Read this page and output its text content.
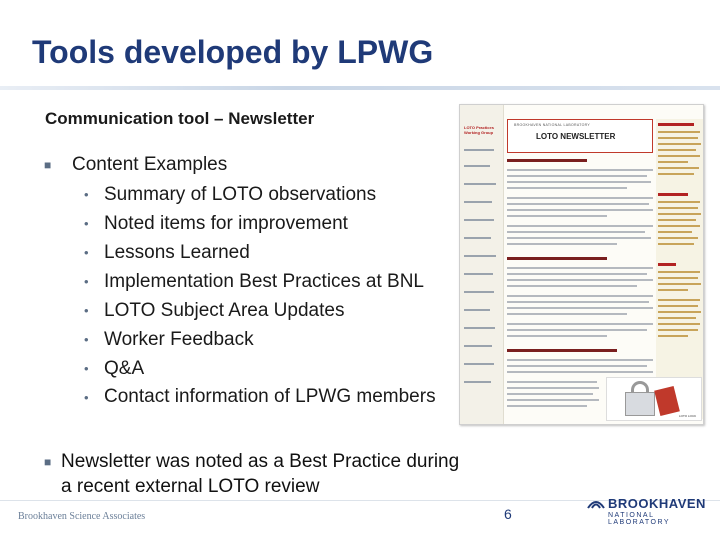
Tools developed by LPWG
Communication tool – Newsletter
■	Content Examples
• Summary of LOTO observations
• Noted items for improvement
• Lessons Learned
• Implementation Best Practices at BNL
• LOTO Subject Area Updates
• Worker Feedback
• Q&A
• Contact information of LPWG members
■ Newsletter was noted as a Best Practice during a recent external LOTO review
LOTO Practices Working Group
BROOKHAVEN NATIONAL LABORATORY
LOTO NEWSLETTER
LOTO LOCK
Brookhaven Science Associates	6
BROOKHAVEN
NATIONAL LABORATORY
